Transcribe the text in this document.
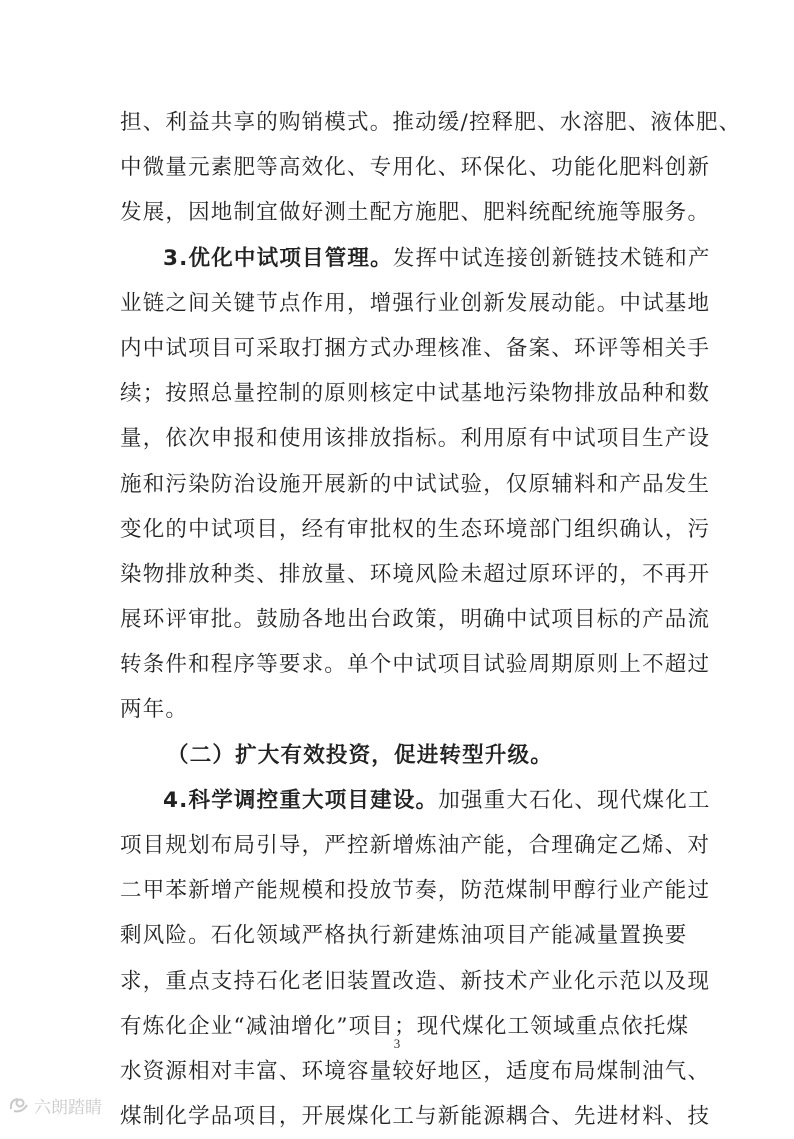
担、利益共享的购销模式。推动缓/控释肥、水溶肥、液体肥、
中微量元素肥等高效化、专用化、环保化、功能化肥料创新
发展，因地制宜做好测土配方施肥、肥料统配统施等服务。
3.优化中试项目管理。发挥中试连接创新链技术链和产
业链之间关键节点作用，增强行业创新发展动能。中试基地
内中试项目可采取打捆方式办理核准、备案、环评等相关手
续；按照总量控制的原则核定中试基地污染物排放品种和数
量，依次申报和使用该排放指标。利用原有中试项目生产设
施和污染防治设施开展新的中试试验，仅原辅料和产品发生
变化的中试项目，经有审批权的生态环境部门组织确认，污
染物排放种类、排放量、环境风险未超过原环评的，不再开
展环评审批。鼓励各地出台政策，明确中试项目标的产品流
转条件和程序等要求。单个中试项目试验周期原则上不超过
两年。
（二）扩大有效投资，促进转型升级。
4.科学调控重大项目建设。加强重大石化、现代煤化工
项目规划布局引导，严控新增炼油产能，合理确定乙烯、对
二甲苯新增产能规模和投放节奏，防范煤制甲醇行业产能过
剩风险。石化领域严格执行新建炼油项目产能减量置换要
求，重点支持石化老旧装置改造、新技术产业化示范以及现
有炼化企业“减油增化”项目；现代煤化工领域重点依托煤
水资源相对丰富、环境容量较好地区，适度布局煤制油气、
煤制化学品项目，开展煤化工与新能源耦合、先进材料、技
3
六朗踏睛
